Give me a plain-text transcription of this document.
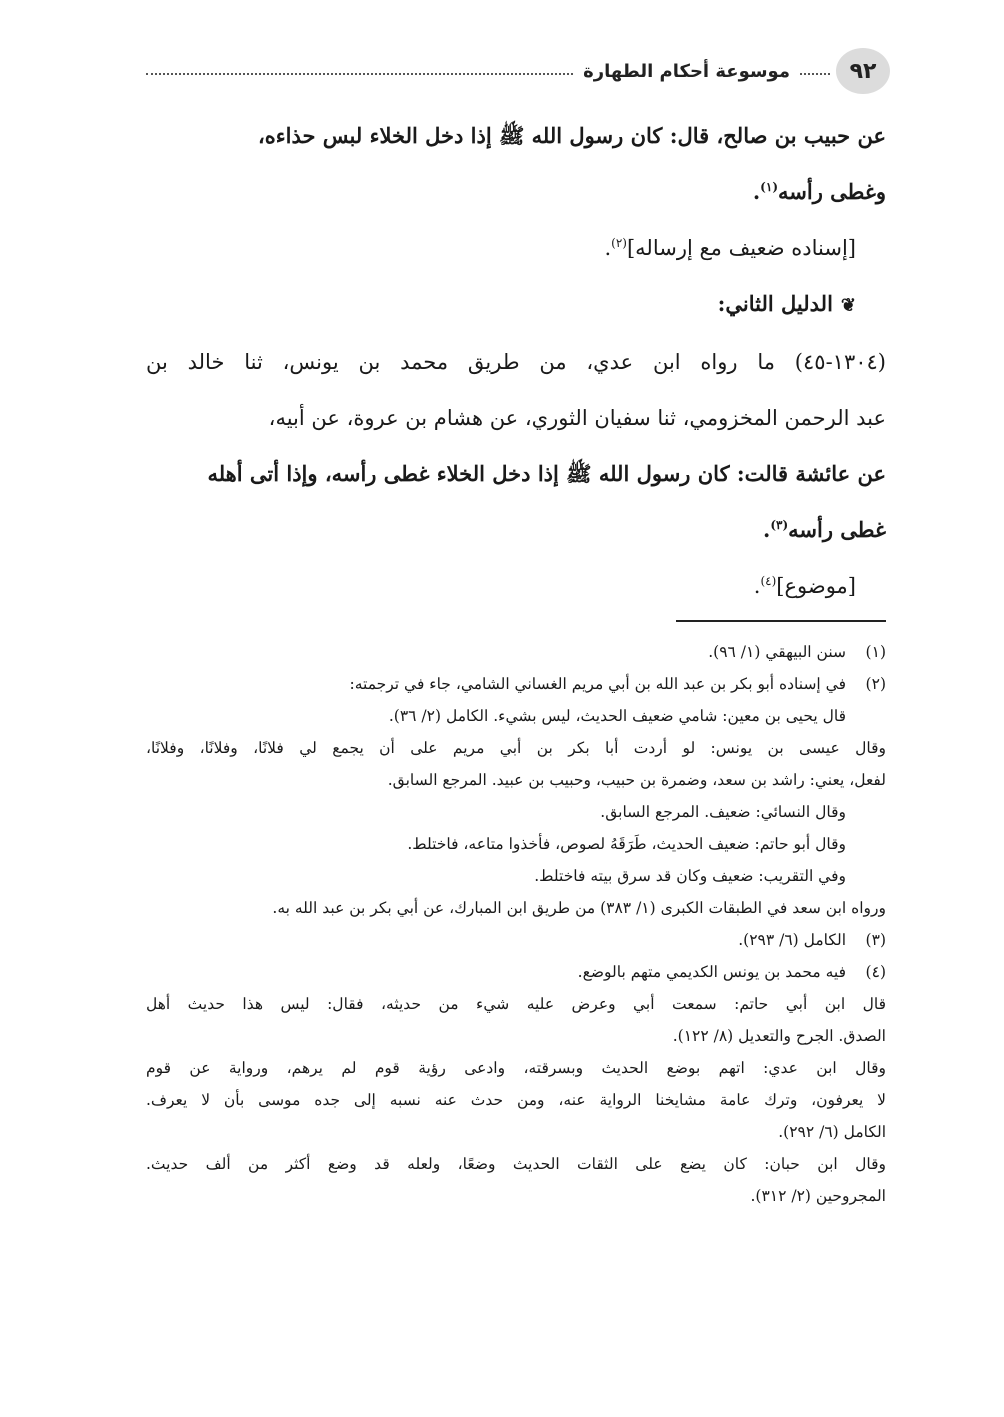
٩٢
موسوعة أحكام الطهارة
عن حبيب بن صالح، قال: كان رسول الله ﷺ إذا دخل الخلاء لبس حذاءه،
وغطى رأسه$^{(١)}$.
[إسناده ضعيف مع إرساله]$^{(٢)}$.
❦الدليل الثاني:
(١٣٠٤-٤٥) ما رواه ابن عدي، من طريق محمد بن يونس، ثنا خالد بن
عبد الرحمن المخزومي، ثنا سفيان الثوري، عن هشام بن عروة، عن أبيه،
عن عائشة قالت: كان رسول الله ﷺ إذا دخل الخلاء غطى رأسه، وإذا أتى أهله
غطى رأسه$^{(٣)}$.
[موضوع]$^{(٤)}$.
(١)
سنن البيهقي (١/ ٩٦).
(٢)
في إسناده أبو بكر بن عبد الله بن أبي مريم الغساني الشامي، جاء في ترجمته:
قال يحيى بن معين: شامي ضعيف الحديث، ليس بشيء. الكامل (٢/ ٣٦).
وقال عيسى بن يونس: لو أردت أبا بكر بن أبي مريم على أن يجمع لي فلانًا، وفلانًا، وفلانًا،
لفعل، يعني: راشد بن سعد، وضمرة بن حبيب، وحبيب بن عبيد. المرجع السابق.
وقال النسائي: ضعيف. المرجع السابق.
وقال أبو حاتم: ضعيف الحديث، طَرَقَهُ لصوص، فأخذوا متاعه، فاختلط.
وفي التقريب: ضعيف وكان قد سرق بيته فاختلط.
ورواه ابن سعد في الطبقات الكبرى (١/ ٣٨٣) من طريق ابن المبارك، عن أبي بكر بن عبد الله به.
(٣)
الكامل (٦/ ٢٩٣).
(٤)
فيه محمد بن يونس الكديمي متهم بالوضع.
قال ابن أبي حاتم: سمعت أبي وعرض عليه شيء من حديثه، فقال: ليس هذا حديث أهل
الصدق. الجرح والتعديل (٨/ ١٢٢).
وقال ابن عدي: اتهم بوضع الحديث وبسرقته، وادعى رؤية قوم لم يرهم، ورواية عن قوم
لا يعرفون، وترك عامة مشايخنا الرواية عنه، ومن حدث عنه نسبه إلى جده موسى بأن لا يعرف.
الكامل (٦/ ٢٩٢).
وقال ابن حبان: كان يضع على الثقات الحديث وضعًا، ولعله قد وضع أكثر من ألف حديث.
المجروحين (٢/ ٣١٢).
